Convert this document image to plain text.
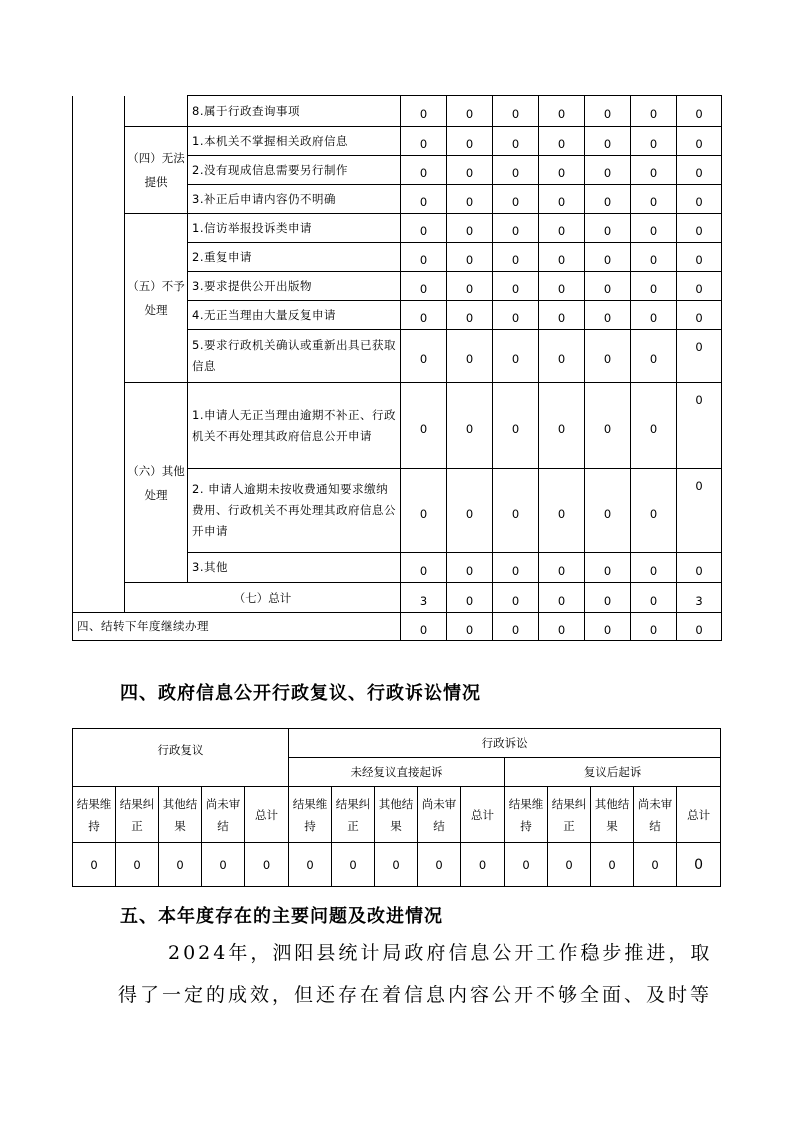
		8.属于行政查询事项	0	0	0	0	0	0	0
	（四）无法提供	1.本机关不掌握相关政府信息	0	0	0	0	0	0	0
		2.没有现成信息需要另行制作	0	0	0	0	0	0	0
		3.补正后申请内容仍不明确	0	0	0	0	0	0	0
	（五）不予处理	1.信访举报投诉类申请	0	0	0	0	0	0	0
		2.重复申请	0	0	0	0	0	0	0
		3.要求提供公开出版物	0	0	0	0	0	0	0
		4.无正当理由大量反复申请	0	0	0	0	0	0	0
		5.要求行政机关确认或重新出具已获取信息	0	0	0	0	0	0	0
	（六）其他处理	1.申请人无正当理由逾期不补正、行政机关不再处理其政府信息公开申请	0	0	0	0	0	0	0
		2. 申请人逾期未按收费通知要求缴纳费用、行政机关不再处理其政府信息公开申请	0	0	0	0	0	0	0
		3.其他	0	0	0	0	0	0	0
	（七）总计		3	0	0	0	0	0	3
四、结转下年度继续办理			0	0	0	0	0	0	0
四、政府信息公开行政复议、行政诉讼情况
行政复议					行政诉讼									
					未经复议直接起诉					复议后起诉				
结果维持	结果纠正	其他结果	尚未审结	总计	结果维持	结果纠正	其他结果	尚未审结	总计	结果维持	结果纠正	其他结果	尚未审结	总计
0	0	0	0	0	0	0	0	0	0	0	0	0	0	0
五、本年度存在的主要问题及改进情况
2024年，泗阳县统计局政府信息公开工作稳步推进，取
得了一定的成效，但还存在着信息内容公开不够全面、及时等
